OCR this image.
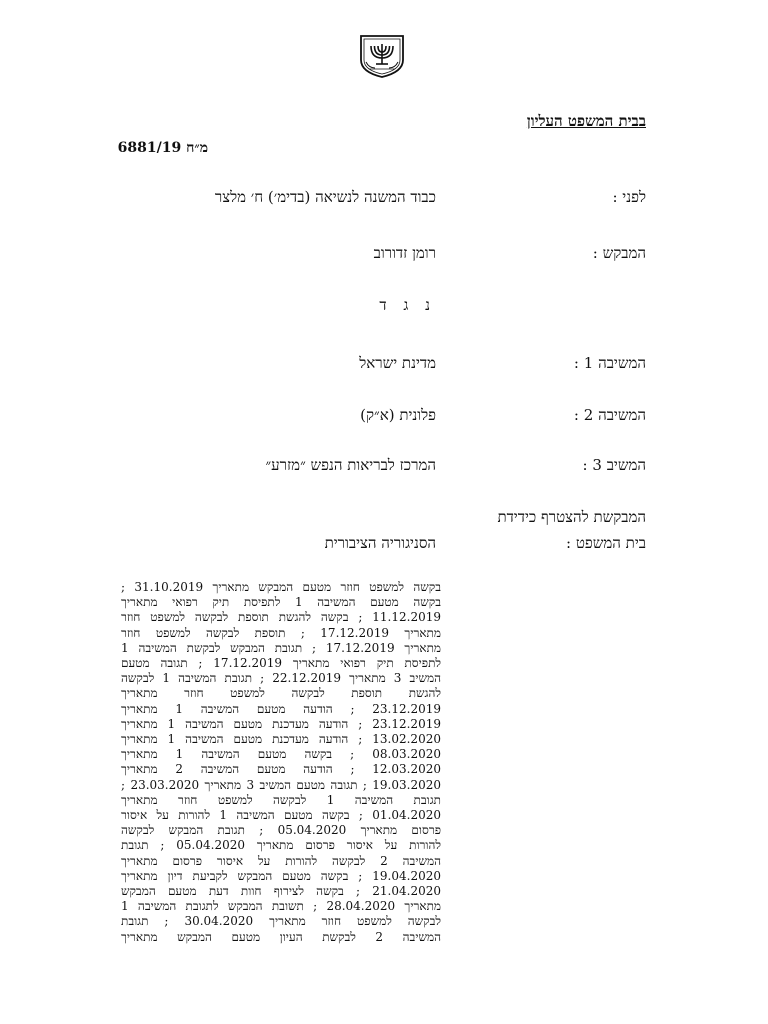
בבית המשפט העליון
מ״ח 6881/19
לפני :
כבוד המשנה לנשיאה (בדימ׳) ח׳ מלצר
המבקש :
רומן זדורוב
נ ג ד
המשיבה 1 :
מדינת ישראל
המשיבה 2 :
פלונית (א״ק)
המשיב 3 :
המרכז לבריאות הנפש ״מזרע״
המבקשת להצטרף כידידת
בית המשפט :
הסניגוריה הציבורית
בקשה למשפט חוזר מטעם המבקש מתאריך 31.10.2019 ;
בקשה מטעם המשיבה 1 לתפיסת תיק רפואי מתאריך
11.12.2019 ; בקשה להגשת תוספת לבקשה למשפט חוזר
מתאריך 17.12.2019 ; תוספת לבקשה למשפט חוזר
מתאריך 17.12.2019 ; תגובת המבקש לבקשת המשיבה 1
לתפיסת תיק רפואי מתאריך 17.12.2019 ; תגובה מטעם
המשיב 3 מתאריך 22.12.2019 ; תגובת המשיבה 1 לבקשה
להגשת תוספת לבקשה למשפט חוזר מתאריך
23.12.2019 ; הודעה מטעם המשיבה 1 מתאריך
23.12.2019 ; הודעה מעדכנת מטעם המשיבה 1 מתאריך
13.02.2020 ; הודעה מעדכנת מטעם המשיבה 1 מתאריך
08.03.2020 ; בקשה מטעם המשיבה 1 מתאריך
12.03.2020 ; הודעה מטעם המשיבה 2 מתאריך
19.03.2020 ; תגובה מטעם המשיב 3 מתאריך 23.03.2020 ;
תגובת המשיבה 1 לבקשה למשפט חוזר מתאריך
01.04.2020 ; בקשה מטעם המשיבה 1 להורות על איסור
פרסום מתאריך 05.04.2020 ; תגובת המבקש לבקשה
להורות על איסור פרסום מתאריך 05.04.2020 ; תגובת
המשיבה 2 לבקשה להורות על איסור פרסום מתאריך
19.04.2020 ; בקשה מטעם המבקש לקביעת דיון מתאריך
21.04.2020 ; בקשה לצירוף חוות דעת מטעם המבקש
מתאריך 28.04.2020 ; תשובת המבקש לתגובת המשיבה 1
לבקשה למשפט חוזר מתאריך 30.04.2020 ; תגובת
המשיבה 2 לבקשת העיון מטעם המבקש מתאריך
